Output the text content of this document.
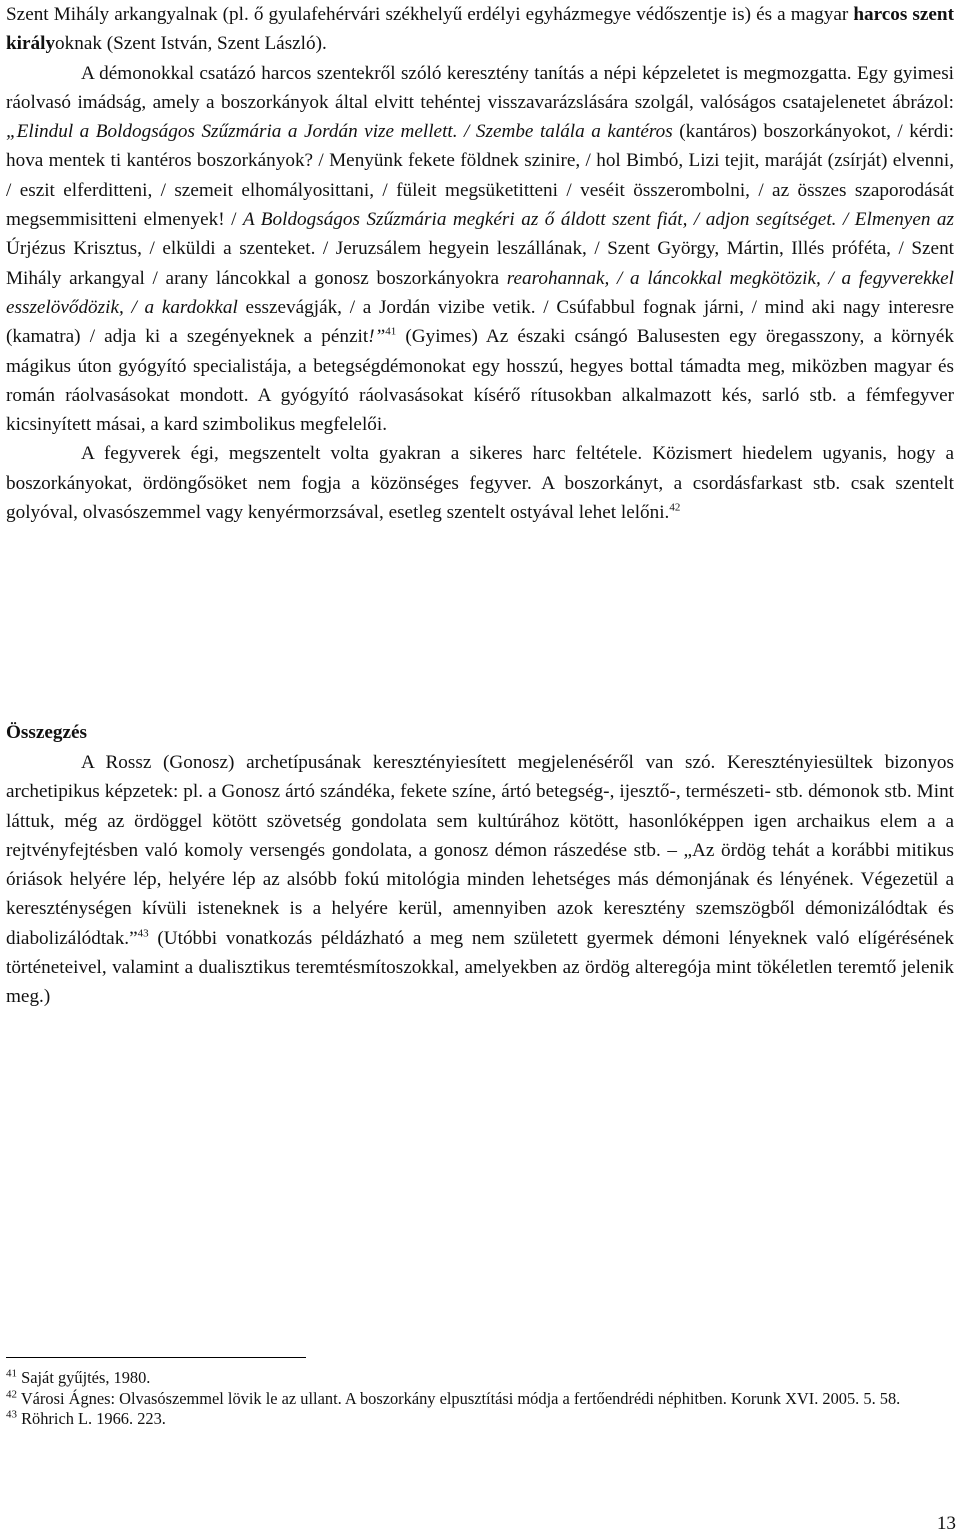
Szent Mihály arkangyalnak (pl. ő gyulafehérvári székhelyű erdélyi egyházmegye védőszentje is) és a magyar harcos szent királyoknak (Szent István, Szent László).

A démonokkal csatázó harcos szentekről szóló keresztény tanítás a népi képzeletet is megmozgatta. Egy gyimesi ráolvasó imádság, amely a boszorkányok által elvitt tehéntej visszavarázslására szolgál, valóságos csatajelenetet ábrázol: „Elindul a Boldogságos Szűzmária a Jordán vize mellett. / Szembe talála a kantéros (kantáros) boszorkányokot, / kérdi: hova mentek ti kantéros boszorkányok? / Menyünk fekete földnek szinire, / hol Bimbó, Lizi tejit, maráját (zsírját) elvenni, / eszit elferditteni, / szemeit elhomályosittani, / füleit megsüketitteni / veséit összerombolni, / az összes szaporodását megsemmisitteni elmenyek! / A Boldogságos Szűzmária megkéri az ő áldott szent fiát, / adjon segítséget. / Elmenyen az Úrjézus Krisztus, / elküldi a szenteket. / Jeruzsálem hegyein leszállának, / Szent György, Mártin, Illés próféta, / Szent Mihály arkangyal / arany láncokkal a gonosz boszorkányokra rearohannak, / a láncokkal megkötözik, / a fegyverekkel esszelövődözik, / a kardokkal esszevágják, / a Jordán vizibe vetik. / Csúfabbul fognak járni, / mind aki nagy interesre (kamatra) / adja ki a szegényeknek a pénzit!”$^{41}$ (Gyimes) Az északi csángó Balusesten egy öregasszony, a környék mágikus úton gyógyító specialistája, a betegségdémonokat egy hosszú, hegyes bottal támadta meg, miközben magyar és román ráolvasásokat mondott. A gyógyító ráolvasásokat kísérő rítusokban alkalmazott kés, sarló stb. a fémfegyver kicsinyített másai, a kard szimbolikus megfelelői.

A fegyverek égi, megszentelt volta gyakran a sikeres harc feltétele. Közismert hiedelem ugyanis, hogy a boszorkányokat, ördöngősöket nem fogja a közönséges fegyver. A boszorkányt, a csordásfarkast stb. csak szentelt golyóval, olvasószemmel vagy kenyérmorzsával, esetleg szentelt ostyával lehet lelőni.$^{42}$

Összegzés

A Rossz (Gonosz) archetípusának keresztényiesített megjelenéséről van szó. Keresztényiesültek bizonyos archetipikus képzetek: pl. a Gonosz ártó szándéka, fekete színe, ártó betegség-, ijesztő-, természeti- stb. démonok stb. Mint láttuk, még az ördöggel kötött szövetség gondolata sem kultúrához kötött, hasonlóképpen igen archaikus elem a a rejtvényfejtésben való komoly versengés gondolata, a gonosz démon rászedése stb. – „Az ördög tehát a korábbi mitikus óriások helyére lép, helyére lép az alsóbb fokú mitológia minden lehetséges más démonjának és lényének. Végezetül a kereszténységen kívüli isteneknek is a helyére kerül, amennyiben azok keresztény szemszögből démonizálódtak és diabolizálódtak.”$^{43}$ (Utóbbi vonatkozás példázható a meg nem született gyermek démoni lényeknek való elígérésének történeteivel, valamint a dualisztikus teremtésmítoszokkal, amelyekben az ördög alteregója mint tökéletlen teremtő jelenik meg.)

$^{41}$ Saját gyűjtés, 1980.

$^{42}$ Városi Ágnes: Olvasószemmel lövik le az ullant. A boszorkány elpusztítási módja a fertőendrédi néphitben. Korunk XVI. 2005. 5. 58.

$^{43}$ Röhrich L. 1966. 223.

13
